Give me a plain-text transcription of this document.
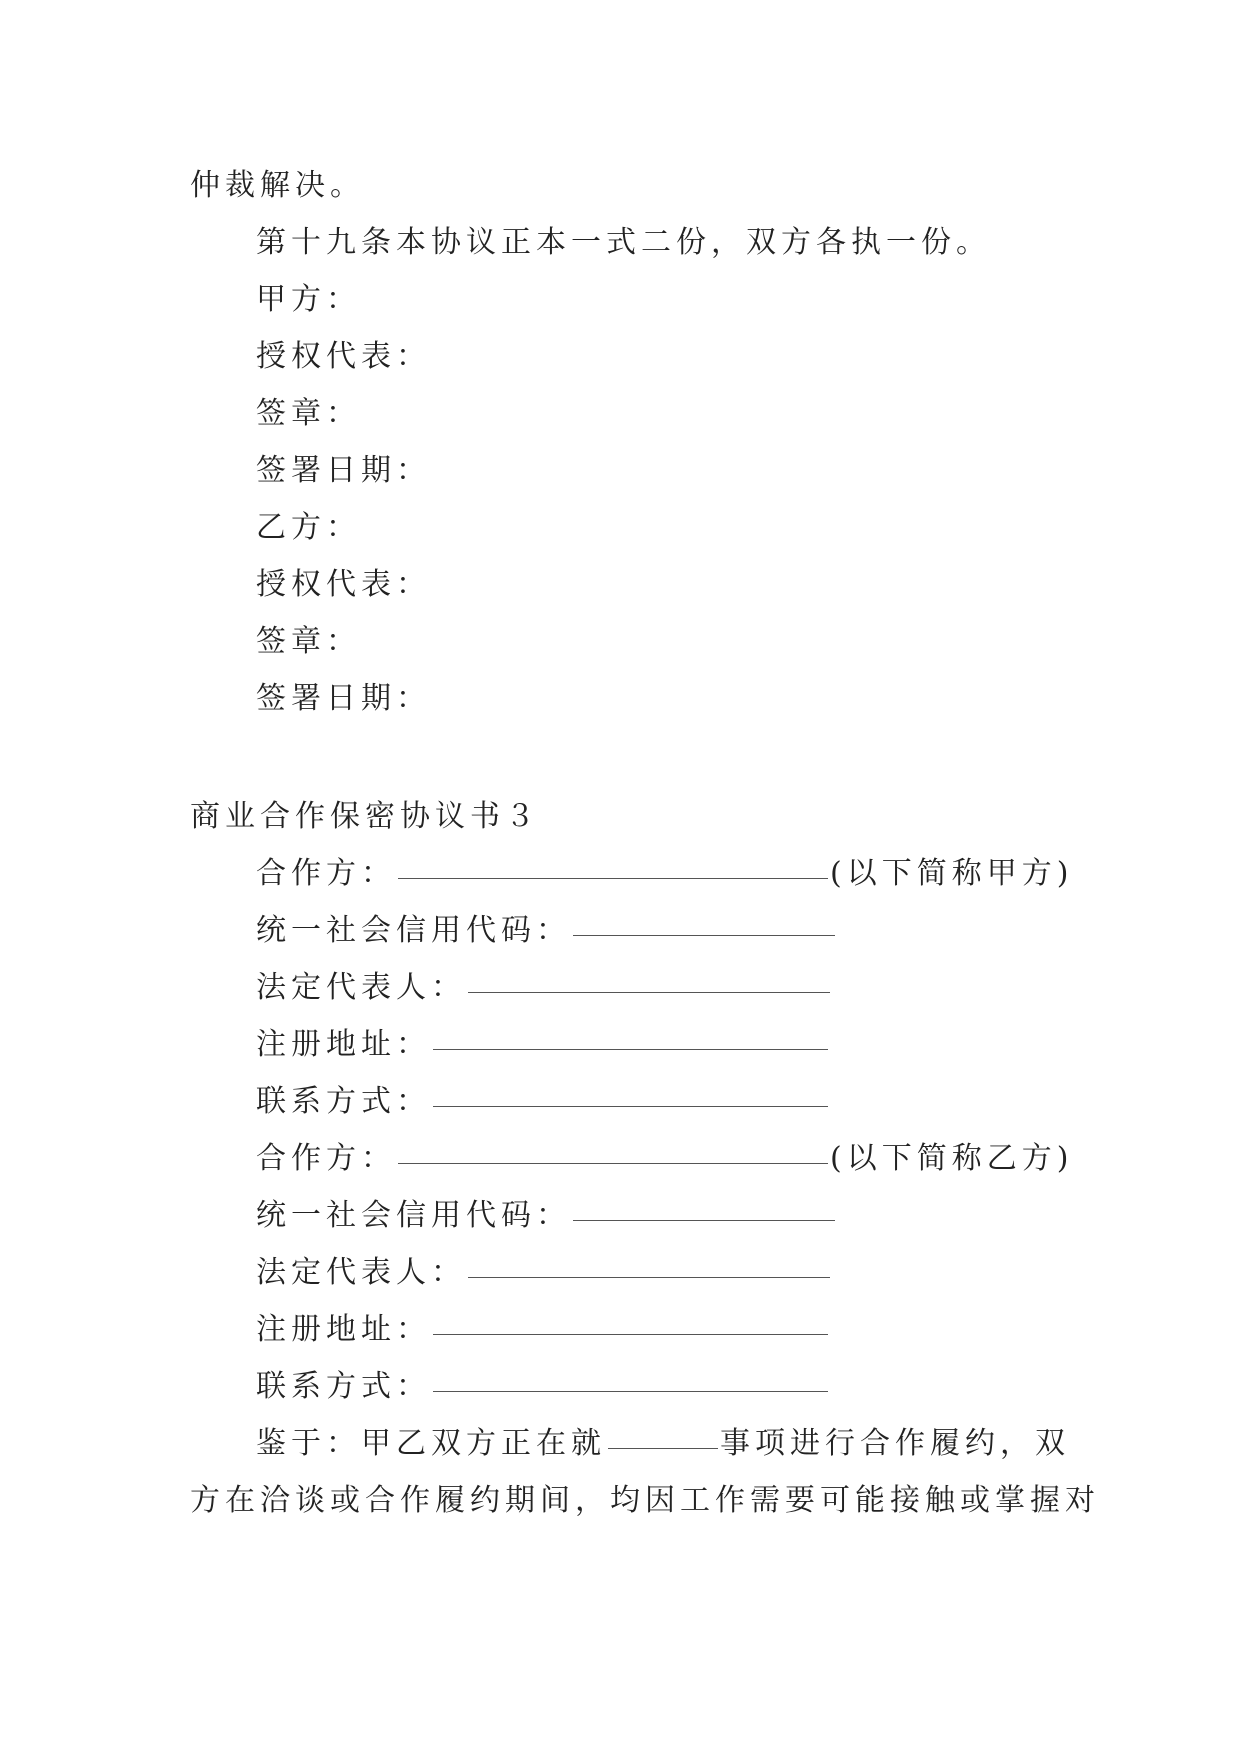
仲裁解决。
第十九条本协议正本一式二份，双方各执一份。
甲方：
授权代表：
签章：
签署日期：
乙方：
授权代表：
签章：
签署日期：
商业合作保密协议书３
合作方：	(以下简称甲方)
统一社会信用代码：
法定代表人：
注册地址：
联系方式：
合作方：	(以下简称乙方)
统一社会信用代码：
法定代表人：
注册地址：
联系方式：
鉴于：甲乙双方正在就	事项进行合作履约，双
方在洽谈或合作履约期间，均因工作需要可能接触或掌握对
